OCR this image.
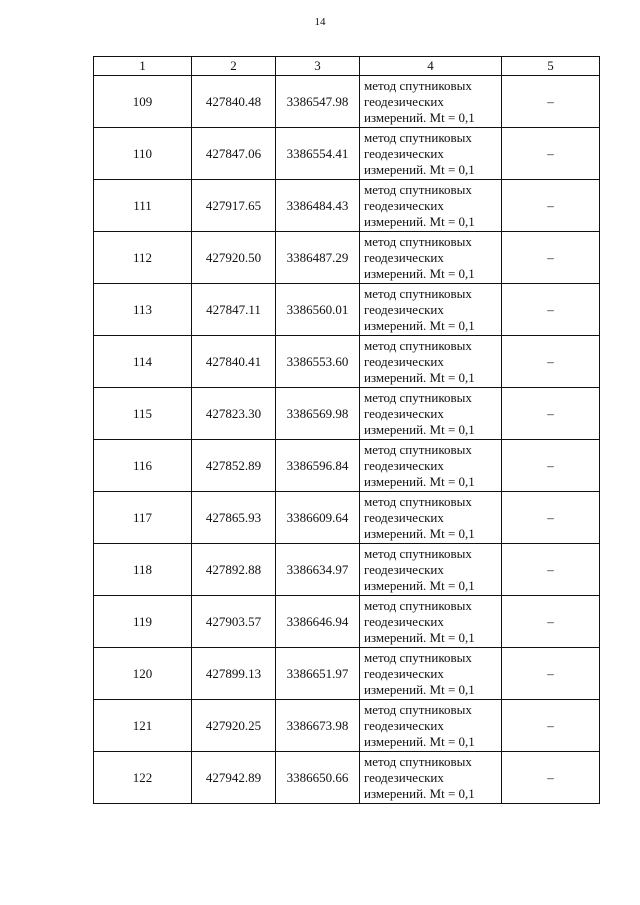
14
1	2	3	4	5
109	427840.48	3386547.98	метод спутниковых
геодезических
измерений. Mt = 0,1	–
110	427847.06	3386554.41	метод спутниковых
геодезических
измерений. Mt = 0,1	–
111	427917.65	3386484.43	метод спутниковых
геодезических
измерений. Mt = 0,1	–
112	427920.50	3386487.29	метод спутниковых
геодезических
измерений. Mt = 0,1	–
113	427847.11	3386560.01	метод спутниковых
геодезических
измерений. Mt = 0,1	–
114	427840.41	3386553.60	метод спутниковых
геодезических
измерений. Mt = 0,1	–
115	427823.30	3386569.98	метод спутниковых
геодезических
измерений. Mt = 0,1	–
116	427852.89	3386596.84	метод спутниковых
геодезических
измерений. Mt = 0,1	–
117	427865.93	3386609.64	метод спутниковых
геодезических
измерений. Mt = 0,1	–
118	427892.88	3386634.97	метод спутниковых
геодезических
измерений. Mt = 0,1	–
119	427903.57	3386646.94	метод спутниковых
геодезических
измерений. Mt = 0,1	–
120	427899.13	3386651.97	метод спутниковых
геодезических
измерений. Mt = 0,1	–
121	427920.25	3386673.98	метод спутниковых
геодезических
измерений. Mt = 0,1	–
122	427942.89	3386650.66	метод спутниковых
геодезических
измерений. Mt = 0,1	–
